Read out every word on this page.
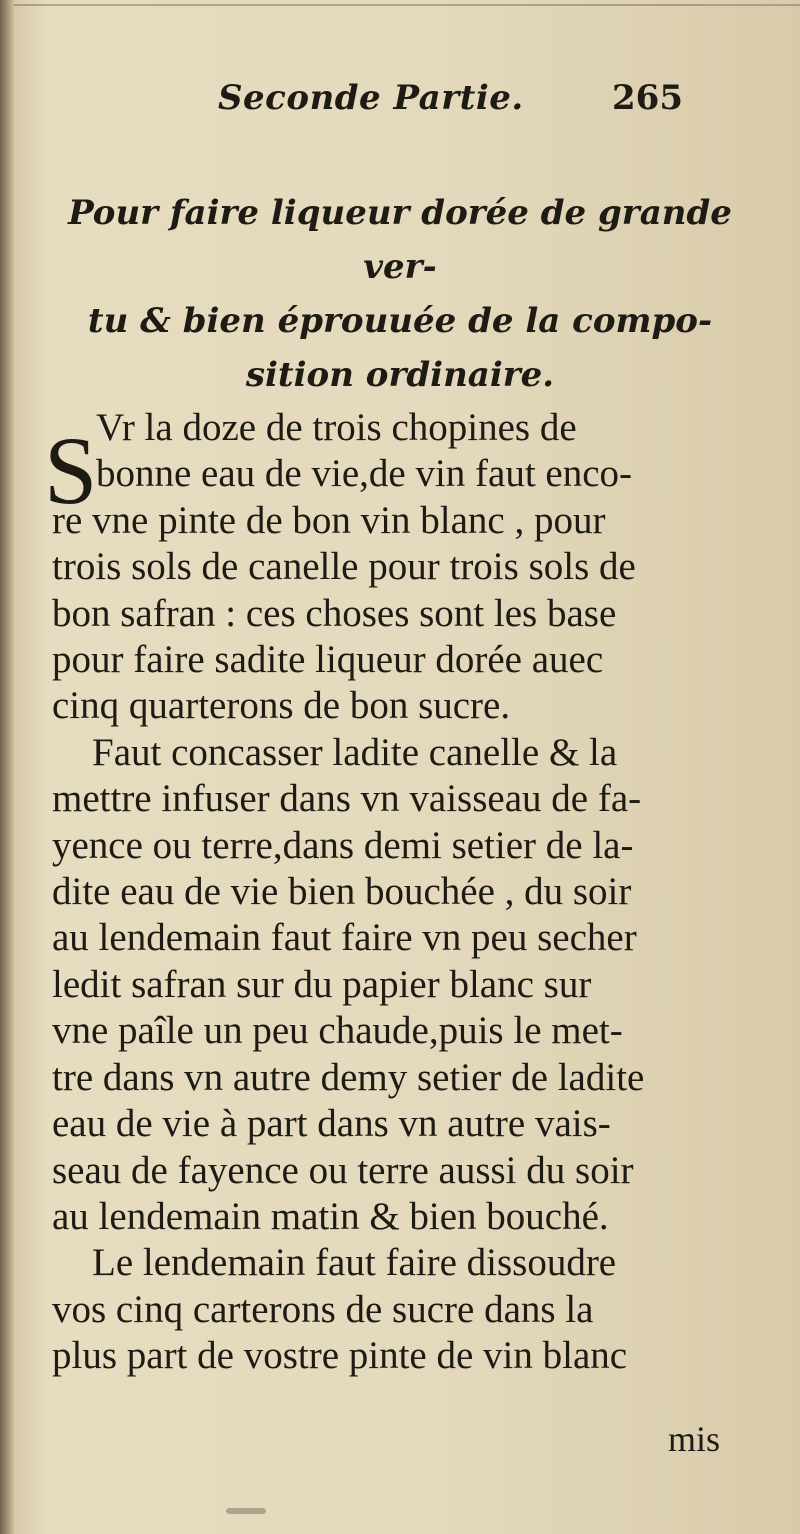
Seconde Partie.	265
Pour faire liqueur dorée de grande ver-
tu & bien éprouuée de la compo-
sition ordinaire.
S
Vr la doze de trois chopines de
bonne eau de vie,de vin faut enco-
re vne pinte de bon vin blanc , pour
trois sols de canelle pour trois sols de
bon safran : ces choses sont les base
pour faire sadite liqueur dorée auec
cinq quarterons de bon sucre.
Faut concasser ladite canelle & la
mettre infuser dans vn vaisseau de fa-
yence ou terre,dans demi setier de la-
dite eau de vie bien bouchée , du soir
au lendemain faut faire vn peu secher
ledit safran sur du papier blanc sur
vne paîle un peu chaude,puis le met-
tre dans vn autre demy setier de ladite
eau de vie à part dans vn autre vais-
seau de fayence ou terre aussi du soir
au lendemain matin & bien bouché.
Le lendemain faut faire dissoudre
vos cinq carterons de sucre dans la
plus part de vostre pinte de vin blanc
mis
